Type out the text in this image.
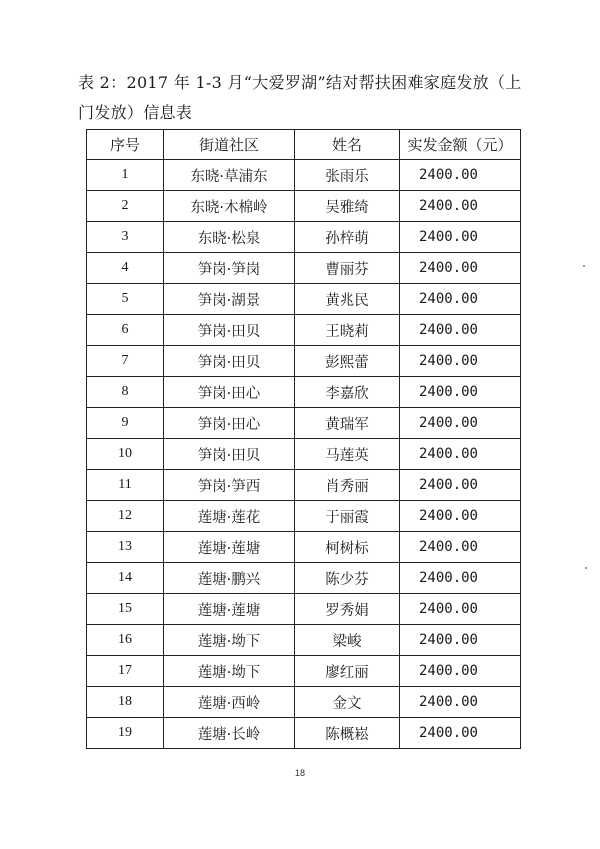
表 2：2017 年 1-3 月“大爱罗湖”结对帮扶困难家庭发放（上门发放）信息表
序号	街道社区	姓名	实发金额（元）
1	东晓·草浦东	张雨乐	2400.00
2	东晓·木棉岭	吴雅绮	2400.00
3	东晓·松泉	孙梓萌	2400.00
4	笋岗·笋岗	曹丽芬	2400.00
5	笋岗·湖景	黄兆民	2400.00
6	笋岗·田贝	王晓莉	2400.00
7	笋岗·田贝	彭熙蕾	2400.00
8	笋岗·田心	李嘉欣	2400.00
9	笋岗·田心	黄瑞军	2400.00
10	笋岗·田贝	马莲英	2400.00
11	笋岗·笋西	肖秀丽	2400.00
12	莲塘·莲花	于丽霞	2400.00
13	莲塘·莲塘	柯树标	2400.00
14	莲塘·鹏兴	陈少芬	2400.00
15	莲塘·莲塘	罗秀娟	2400.00
16	莲塘·坳下	梁峻	2400.00
17	莲塘·坳下	廖红丽	2400.00
18	莲塘·西岭	金文	2400.00
19	莲塘·长岭	陈概崧	2400.00
18
